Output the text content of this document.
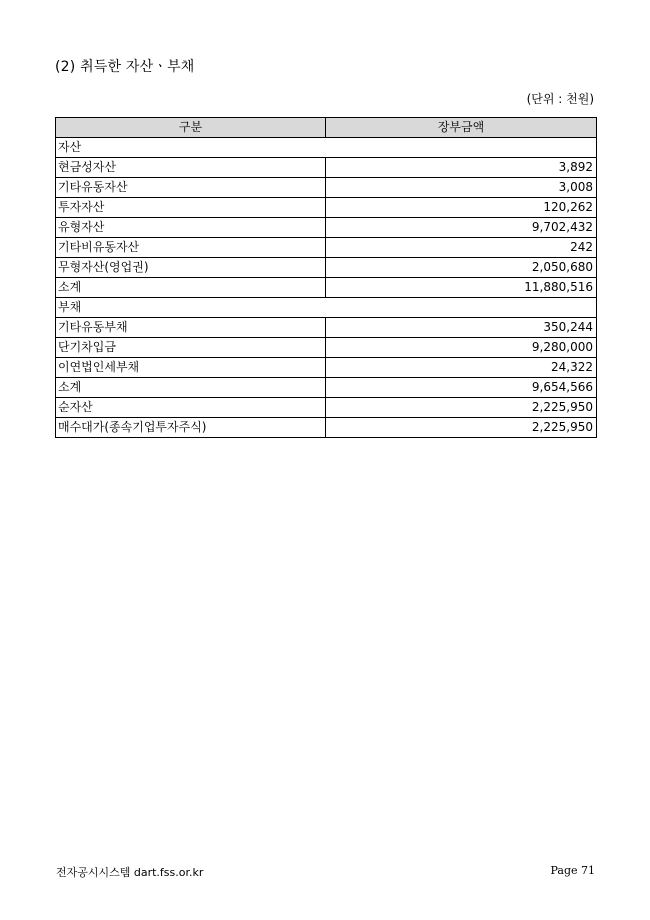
(2) 취득한 자산ㆍ부채
(단위 : 천원)
구분	장부금액
자산	
현금성자산	3,892
기타유동자산	3,008
투자자산	120,262
유형자산	9,702,432
기타비유동자산	242
무형자산(영업권)	2,050,680
소계	11,880,516
부채	
기타유동부채	350,244
단기차입금	9,280,000
이연법인세부채	24,322
소계	9,654,566
순자산	2,225,950
매수대가(종속기업투자주식)	2,225,950
전자공시시스템 dart.fss.or.kr	Page 71
